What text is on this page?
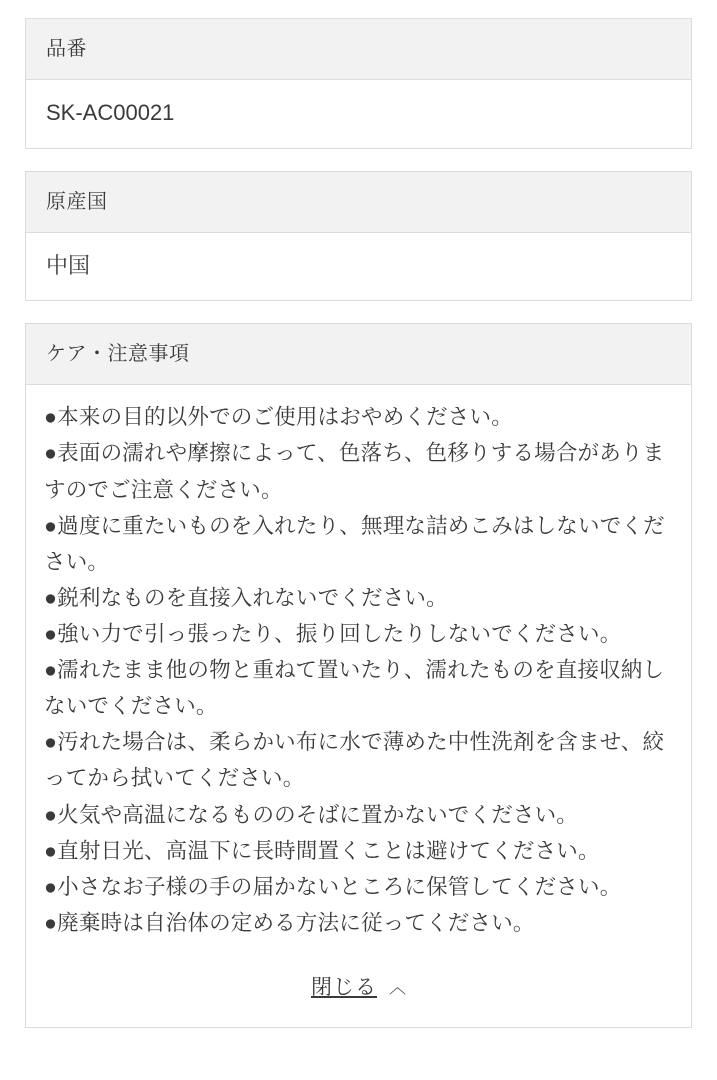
品番
SK-AC00021
原産国
中国
ケア・注意事項

●本来の目的以外でのご使用はおやめください。

●表面の濡れや摩擦によって、色落ち、色移りする場合がありますのでご注意ください。

●過度に重たいものを入れたり、無理な詰めこみはしないでください。

●鋭利なものを直接入れないでください。

●強い力で引っ張ったり、振り回したりしないでください。

●濡れたまま他の物と重ねて置いたり、濡れたものを直接収納しないでください。

●汚れた場合は、柔らかい布に水で薄めた中性洗剤を含ませ、絞ってから拭いてください。

●火気や高温になるもののそばに置かないでください。

●直射日光、高温下に長時間置くことは避けてください。

●小さなお子様の手の届かないところに保管してください。

●廃棄時は自治体の定める方法に従ってください。

閉じる ︿
